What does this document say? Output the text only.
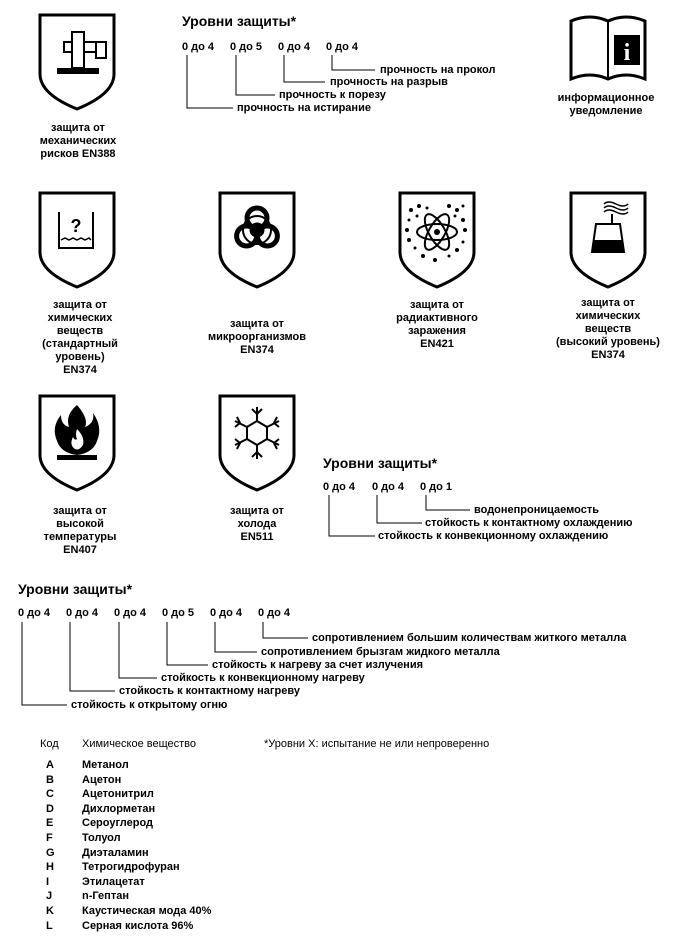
защита от
механических
рисков EN388
Уровни защиты*
0 до 4 0 до 5 0 до 4 0 до 4
прочность на прокол
прочность на разрыв
прочность к порезу
прочность на истирание
i
информационное
уведомление
?
защита от
химических
веществ
(стандартный уровень)
EN374
защита от
микроорганизмов
EN374
защита от
радиактивного
заражения
EN421
защита от
химических
веществ
(высокий уровень)
EN374
защита от
высокой
температуры
EN407
защита от
холода
EN511
Уровни защиты*
0 до 4 0 до 4 0 до 1
водонепроницаемость
стойкость к контактному охлаждению
стойкость к конвекционному охлаждению
Уровни защиты*
0 до 4 0 до 4 0 до 4 0 до 5 0 до 4 0 до 4
сопротивлением большим количествам житкого металла
сопротивлением брызгам жидкого металла
стойкость к нагреву за счет излучения
стойкость к конвекционному нагреву
стойкость к контактному нагреву
стойкость к открытому огню
Код Химическое вещество	*Уровни X: испытание не или непроверенно
A	Метанол
B	Ацетон
C	Ацетонитрил
D	Дихлорметан
E	Сероуглерод
F	Толуол
G Диэталамин
H	Тетрогидрофуран
I	Этилацетат
J	n-Гептан
K	Каустическая мода 40%
L	Серная кислота 96%
